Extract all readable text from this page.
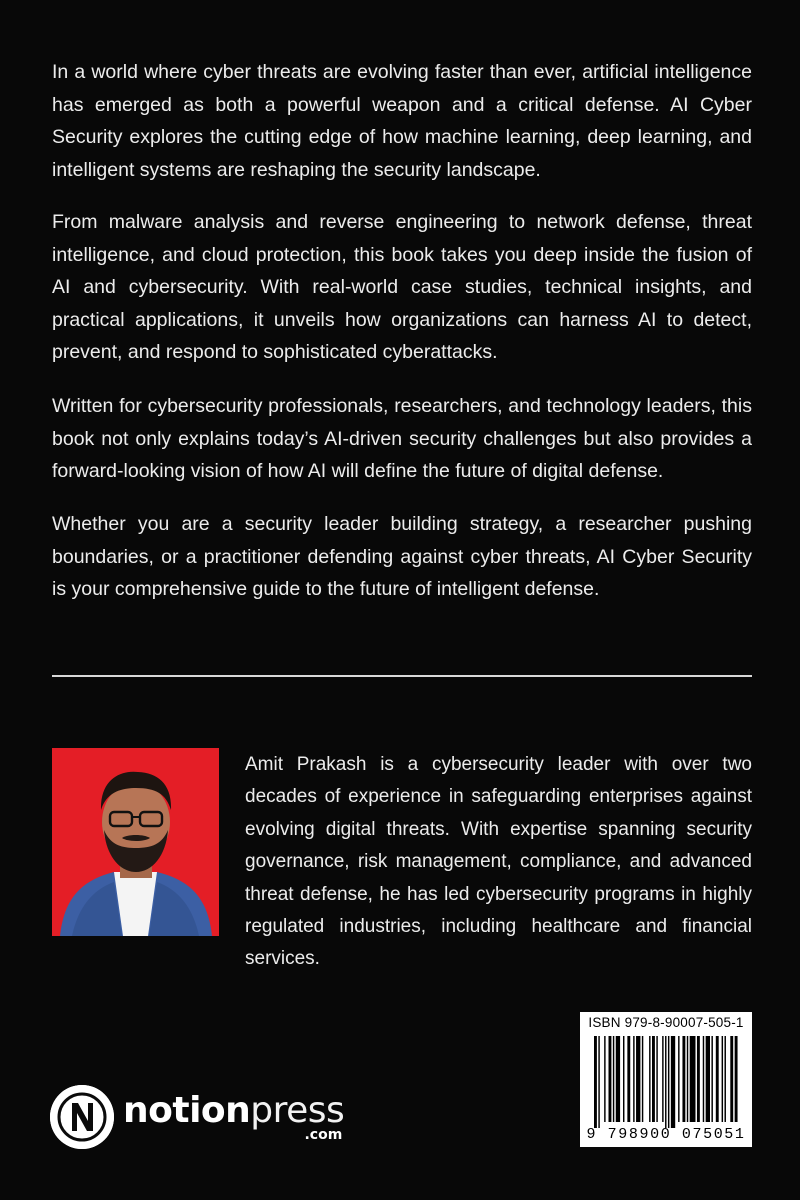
In a world where cyber threats are evolving faster than ever, artificial intelligence has emerged as both a powerful weapon and a critical defense. AI Cyber Security explores the cutting edge of how machine learning, deep learning, and intelligent systems are reshaping the security landscape.

From malware analysis and reverse engineering to network defense, threat intelligence, and cloud protection, this book takes you deep inside the fusion of AI and cybersecurity. With real-world case studies, technical insights, and practical applications, it unveils how organizations can harness AI to detect, prevent, and respond to sophisticated cyberattacks.

Written for cybersecurity professionals, researchers, and technology leaders, this book not only explains today’s AI-driven security challenges but also provides a forward-looking vision of how AI will define the future of digital defense.

Whether you are a security leader building strategy, a researcher pushing boundaries, or a practitioner defending against cyber threats, AI Cyber Security is your comprehensive guide to the future of intelligent defense.

Amit Prakash is a cybersecurity leader with over two decades of experience in safeguarding enterprises against evolving digital threats. With expertise spanning security governance, risk management, compliance, and advanced threat defense, he has led cybersecurity programs in highly regulated industries, including healthcare and financial services.

notionpress
.com
ISBN 979-8-90007-505-1
9 798900 075051
